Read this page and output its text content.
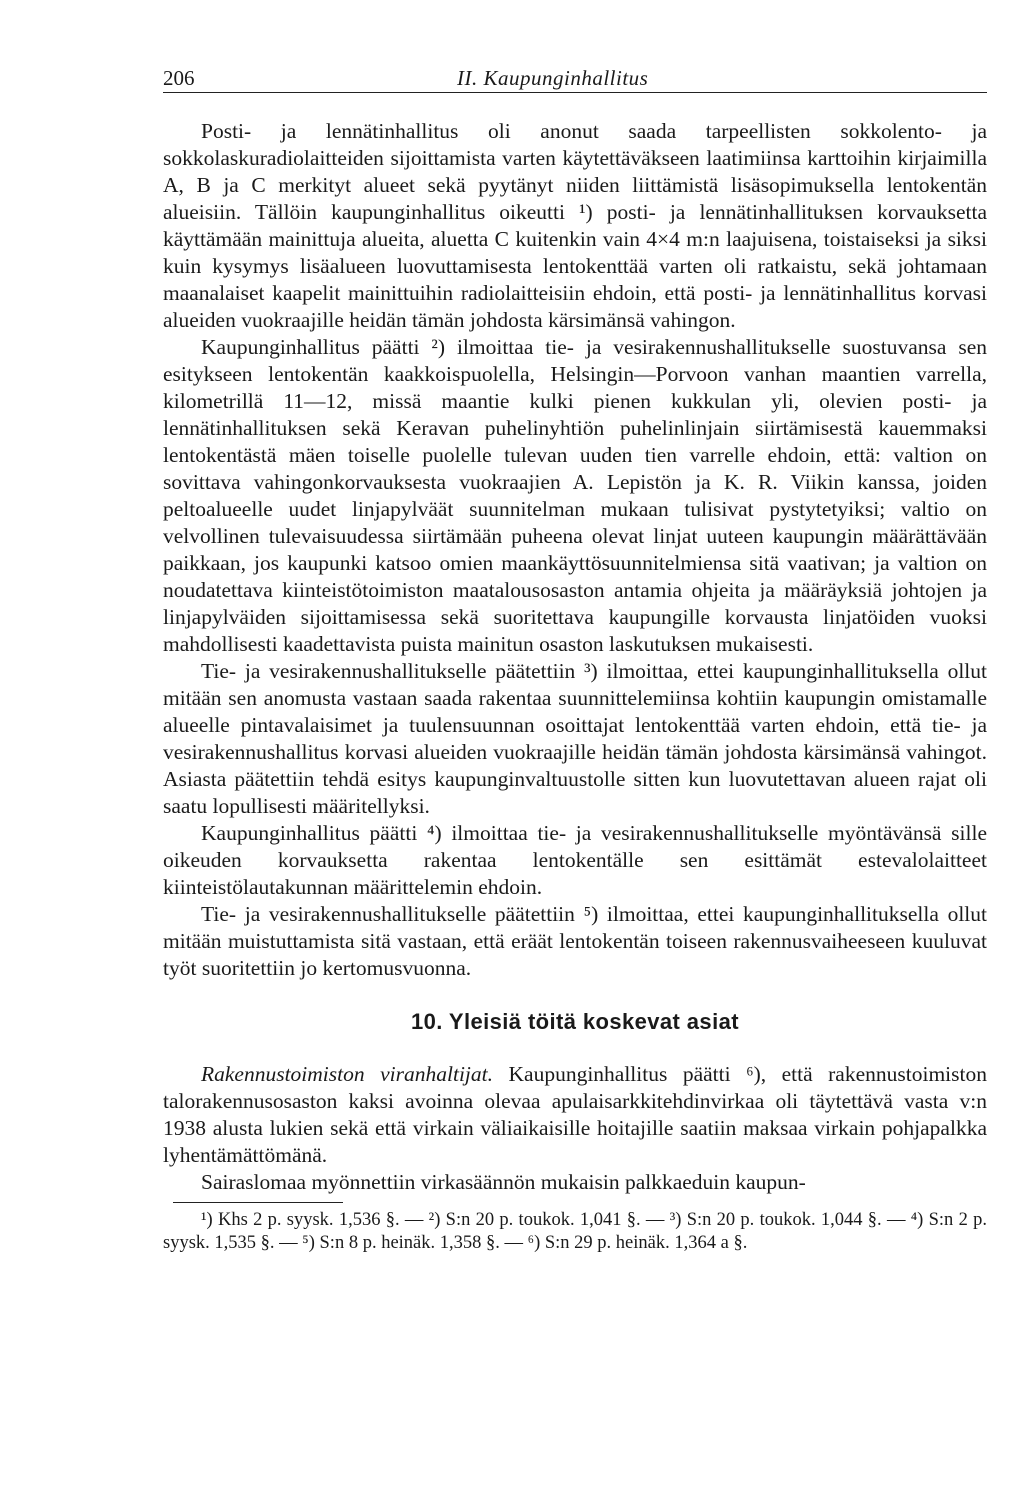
206	II. Kaupunginhallitus

Posti- ja lennätinhallitus oli anonut saada tarpeellisten sokkolento- ja sokkolaskuradiolaitteiden sijoittamista varten käytettäväkseen laatimiinsa karttoihin kirjaimilla A, B ja C merkityt alueet sekä pyytänyt niiden liittämistä lisäsopimuksella lentokentän alueisiin. Tällöin kaupunginhallitus oikeutti ¹) posti- ja lennätinhallituksen korvauksetta käyttämään mainittuja alueita, aluetta C kuitenkin vain 4×4 m:n laajuisena, toistaiseksi ja siksi kuin kysymys lisäalueen luovuttamisesta lentokenttää varten oli ratkaistu, sekä johtamaan maanalaiset kaapelit mainittuihin radiolaitteisiin ehdoin, että posti- ja lennätinhallitus korvasi alueiden vuokraajille heidän tämän johdosta kärsimänsä vahingon.

Kaupunginhallitus päätti ²) ilmoittaa tie- ja vesirakennushallitukselle suostuvansa sen esitykseen lentokentän kaakkoispuolella, Helsingin—Porvoon vanhan maantien varrella, kilometrillä 11—12, missä maantie kulki pienen kukkulan yli, olevien posti- ja lennätinhallituksen sekä Keravan puhelinyhtiön puhelinlinjain siirtämisestä kauemmaksi lentokentästä mäen toiselle puolelle tulevan uuden tien varrelle ehdoin, että: valtion on sovittava vahingonkorvauksesta vuokraajien A. Lepistön ja K. R. Viikin kanssa, joiden peltoalueelle uudet linjapylväät suunnitelman mukaan tulisivat pystytetyiksi; valtio on velvollinen tulevaisuudessa siirtämään puheena olevat linjat uuteen kaupungin määrättävään paikkaan, jos kaupunki katsoo omien maankäyttösuunnitelmiensa sitä vaativan; ja valtion on noudatettava kiinteistötoimiston maatalousosaston antamia ohjeita ja määräyksiä johtojen ja linjapylväiden sijoittamisessa sekä suoritettava kaupungille korvausta linjatöiden vuoksi mahdollisesti kaadettavista puista mainitun osaston laskutuksen mukaisesti.

Tie- ja vesirakennushallitukselle päätettiin ³) ilmoittaa, ettei kaupunginhallituksella ollut mitään sen anomusta vastaan saada rakentaa suunnittelemiinsa kohtiin kaupungin omistamalle alueelle pintavalaisimet ja tuulensuunnan osoittajat lentokenttää varten ehdoin, että tie- ja vesirakennushallitus korvasi alueiden vuokraajille heidän tämän johdosta kärsimänsä vahingot. Asiasta päätettiin tehdä esitys kaupunginvaltuustolle sitten kun luovutettavan alueen rajat oli saatu lopullisesti määritellyksi.

Kaupunginhallitus päätti ⁴) ilmoittaa tie- ja vesirakennushallitukselle myöntävänsä sille oikeuden korvauksetta rakentaa lentokentälle sen esittämät estevalolaitteet kiinteistölautakunnan määrittelemin ehdoin.

Tie- ja vesirakennushallitukselle päätettiin ⁵) ilmoittaa, ettei kaupunginhallituksella ollut mitään muistuttamista sitä vastaan, että eräät lentokentän toiseen rakennusvaiheeseen kuuluvat työt suoritettiin jo kertomusvuonna.

10. Yleisiä töitä koskevat asiat

Rakennustoimiston viranhaltijat. Kaupunginhallitus päätti ⁶), että rakennustoimiston talorakennusosaston kaksi avoinna olevaa apulaisarkkitehdinvirkaa oli täytettävä vasta v:n 1938 alusta lukien sekä että virkain väliaikaisille hoitajille saatiin maksaa virkain pohjapalkka lyhentämättömänä.

Sairaslomaa myönnettiin virkasäännön mukaisin palkkaeduin kaupun-

¹) Khs 2 p. syysk. 1,536 §. — ²) S:n 20 p. toukok. 1,041 §. — ³) S:n 20 p. toukok. 1,044 §. — ⁴) S:n 2 p. syysk. 1,535 §. — ⁵) S:n 8 p. heinäk. 1,358 §. — ⁶) S:n 29 p. heinäk. 1,364 a §.
